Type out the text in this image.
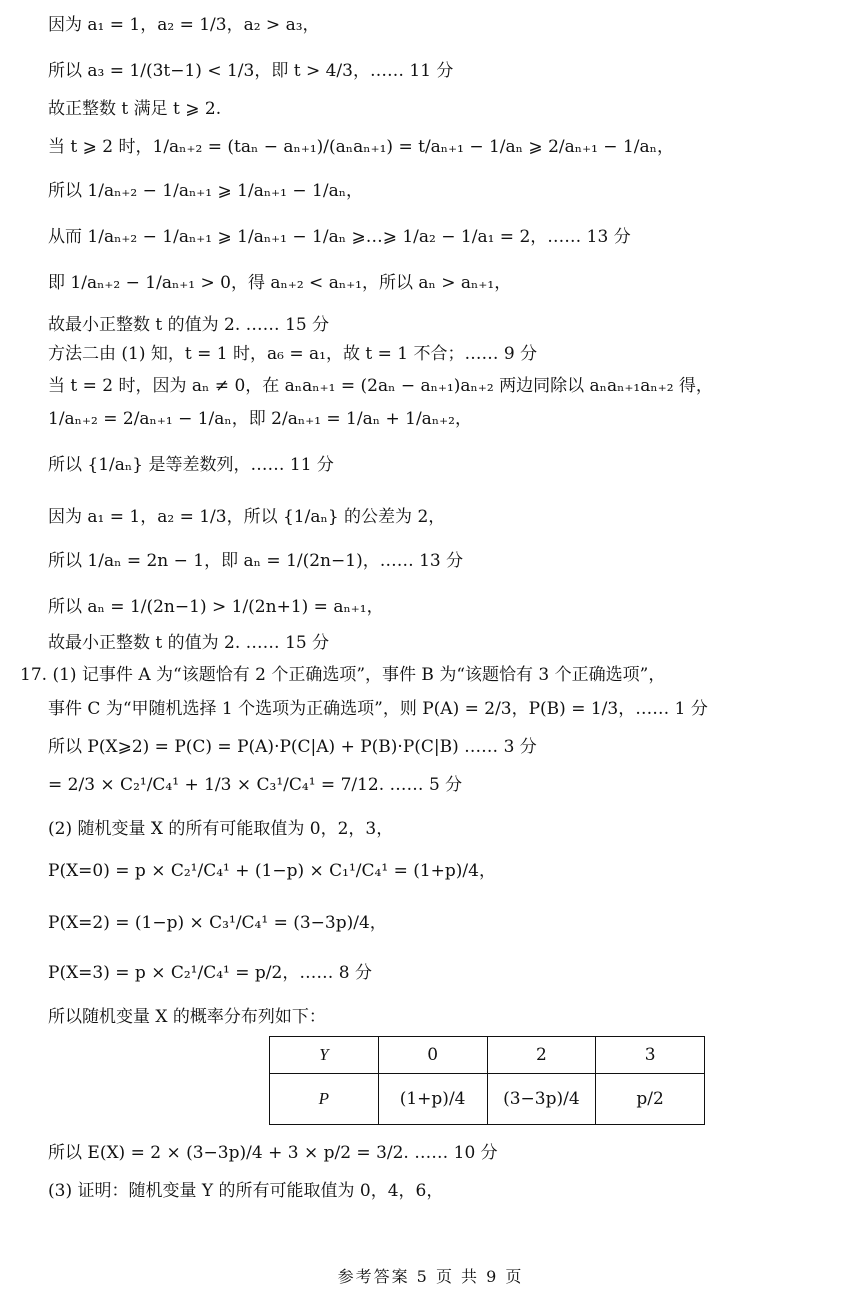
因为 a₁ = 1，a₂ = 1/3，a₂ > a₃，
所以 a₃ = 1/(3t−1) < 1/3，即 t > 4/3，…… 11 分
故正整数 t 满足 t ⩾ 2.
当 t ⩾ 2 时，1/aₙ₊₂ = (taₙ − aₙ₊₁)/(aₙaₙ₊₁) = t/aₙ₊₁ − 1/aₙ ⩾ 2/aₙ₊₁ − 1/aₙ，
所以 1/aₙ₊₂ − 1/aₙ₊₁ ⩾ 1/aₙ₊₁ − 1/aₙ，
从而 1/aₙ₊₂ − 1/aₙ₊₁ ⩾ 1/aₙ₊₁ − 1/aₙ ⩾…⩾ 1/a₂ − 1/a₁ = 2，…… 13 分
即 1/aₙ₊₂ − 1/aₙ₊₁ > 0，得 aₙ₊₂ < aₙ₊₁，所以 aₙ > aₙ₊₁，
故最小正整数 t 的值为 2. …… 15 分
方法二由 (1) 知，t = 1 时，a₆ = a₁，故 t = 1 不合；…… 9 分
当 t = 2 时，因为 aₙ ≠ 0，在 aₙaₙ₊₁ = (2aₙ − aₙ₊₁)aₙ₊₂ 两边同除以 aₙaₙ₊₁aₙ₊₂ 得，
1/aₙ₊₂ = 2/aₙ₊₁ − 1/aₙ，即 2/aₙ₊₁ = 1/aₙ + 1/aₙ₊₂，
所以 {1/aₙ} 是等差数列，…… 11 分
因为 a₁ = 1，a₂ = 1/3，所以 {1/aₙ} 的公差为 2，
所以 1/aₙ = 2n − 1，即 aₙ = 1/(2n−1)，…… 13 分
所以 aₙ = 1/(2n−1) > 1/(2n+1) = aₙ₊₁，
故最小正整数 t 的值为 2. …… 15 分
17. (1) 记事件 A 为“该题恰有 2 个正确选项”，事件 B 为“该题恰有 3 个正确选项”，
事件 C 为“甲随机选择 1 个选项为正确选项”，则 P(A) = 2/3，P(B) = 1/3，…… 1 分
所以 P(X⩾2) = P(C) = P(A)·P(C|A) + P(B)·P(C|B) …… 3 分
= 2/3 × C₂¹/C₄¹ + 1/3 × C₃¹/C₄¹ = 7/12. …… 5 分
(2) 随机变量 X 的所有可能取值为 0，2，3，
P(X=0) = p × C₂¹/C₄¹ + (1−p) × C₁¹/C₄¹ = (1+p)/4，
P(X=2) = (1−p) × C₃¹/C₄¹ = (3−3p)/4，
P(X=3) = p × C₂¹/C₄¹ = p/2，…… 8 分
所以随机变量 X 的概率分布列如下：
Y	0	2	3
P	(1+p)/4	(3−3p)/4	p/2
所以 E(X) = 2 × (3−3p)/4 + 3 × p/2 = 3/2. …… 10 分
(3) 证明：随机变量 Y 的所有可能取值为 0，4，6，
参考答案 5 页 共 9 页
